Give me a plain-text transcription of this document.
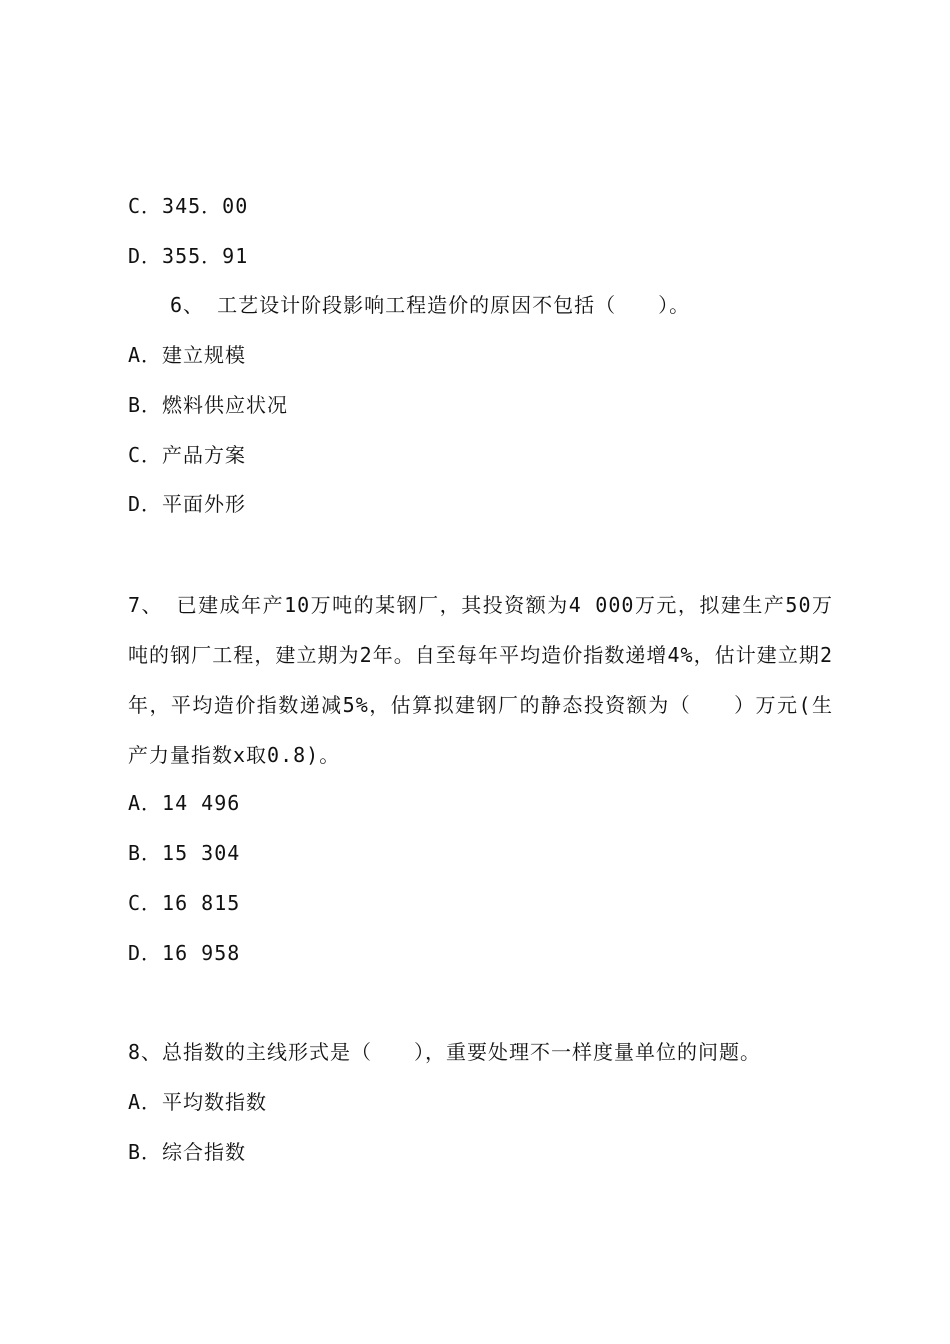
C．345．00
D．355．91
6、 工艺设计阶段影响工程造价的原因不包括（　　）。
A．建立规模
B．燃料供应状况
C．产品方案
D．平面外形
7、 已建成年产10万吨的某钢厂，其投资额为4 000万元，拟建生产50万吨的钢厂工程，建立期为2年。自至每年平均造价指数递增4%，估计建立期2年，平均造价指数递减5%，估算拟建钢厂的静态投资额为（　　）万元(生产力量指数x取0.8)。
A．14 496
B．15 304
C．16 815
D．16 958
8、总指数的主线形式是（　　），重要处理不一样度量单位的问题。
A．平均数指数
B．综合指数
